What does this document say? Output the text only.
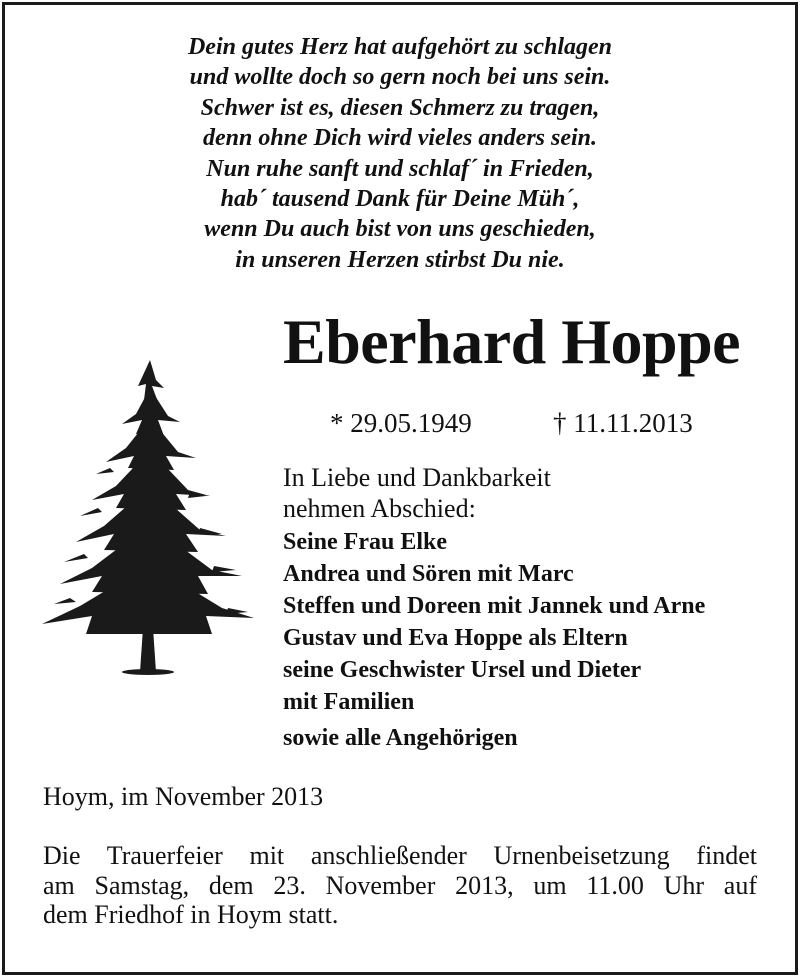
Dein gutes Herz hat aufgehört zu schlagen
und wollte doch so gern noch bei uns sein.
Schwer ist es, diesen Schmerz zu tragen,
denn ohne Dich wird vieles anders sein.
Nun ruhe sanft und schlaf´ in Frieden,
hab´ tausend Dank für Deine Müh´,
wenn Du auch bist von uns geschieden,
in unseren Herzen stirbst Du nie.
Eberhard Hoppe
* 29.05.1949	† 11.11.2013
In Liebe und Dankbarkeit
nehmen Abschied:
Seine Frau Elke
Andrea und Sören mit Marc
Steffen und Doreen mit Jannek und Arne
Gustav und Eva Hoppe als Eltern
seine Geschwister Ursel und Dieter
mit Familien
sowie alle Angehörigen
Hoym, im November 2013
Die Trauerfeier mit anschließender Urnenbeisetzung findet
am Samstag, dem 23. November 2013, um 11.00 Uhr auf
dem Friedhof in Hoym statt.
